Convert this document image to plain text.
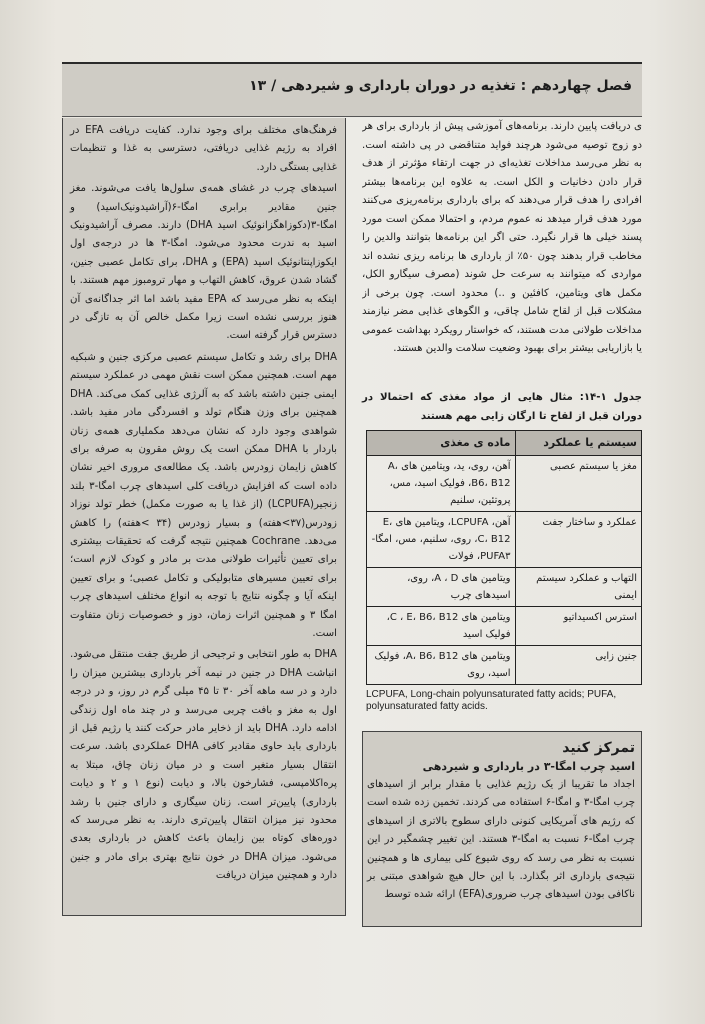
فصل چهاردهم : تغذیه در دوران بارداری و شیردهی / ۱۳

فرهنگ‌های مختلف برای وجود ندارد. کفایت دریافت EFA در افراد به رژیم غذایی دریافتی، دسترسی به غذا و تنظیمات غذایی بستگی دارد.

اسیدهای چرب در غشای همه‌ی سلول‌ها یافت می‌شوند. مغز جنین مقادیر برابری امگا-۶(آراشیدونیک‌اسید) و امگا-۳(دکوزاهگزانوئیک اسید DHA) دارند. مصرف آراشیدونیک اسید به ندرت محدود می‌شود. امگا-۳ ها در درجه‌ی اول ایکوزاپنتانوئیک اسید (EPA) و DHA، برای تکامل عصبی جنین، گشاد شدن عروق، کاهش التهاب و مهار ترومبوز مهم هستند. با اینکه به نظر می‌رسد که EPA مفید باشد اما اثر جداگانه‌ی آن هنوز بررسی نشده است زیرا مکمل خالص آن به تازگی در دسترس قرار گرفته است.

DHA برای رشد و تکامل سیستم عصبی مرکزی جنین و شبکیه مهم است. همچنین ممکن است نقش مهمی در عملکرد سیستم ایمنی جنین داشته باشد که به آلرژی غذایی کمک می‌کند. DHA همچنین برای وزن هنگام تولد و افسردگی مادر مفید باشد. شواهدی وجود دارد که نشان می‌دهد مکملیاری همه‌ی زنان باردار با DHA ممکن است یک روش مقرون به صرفه برای کاهش زایمان زودرس باشد. یک مطالعه‌ی مروری اخیر نشان داده است که افزایش دریافت کلی اسیدهای چرب امگا-۳ بلند زنجیر(LCPUFA) (از غذا یا به صورت مکمل) خطر تولد نوزاد زودرس(۳۷>هفته) و بسیار زودرس (۳۴ >هفته) را کاهش می‌دهد. Cochrane همچنین نتیجه گرفت که تحقیقات بیشتری برای تعیین تأثیرات طولانی مدت بر مادر و کودک لازم است؛ برای تعیین مسیرهای متابولیکی و تکامل عصبی؛ و برای تعیین اینکه آیا و چگونه نتایج با توجه به انواع مختلف اسیدهای چرب امگا ۳ و همچنین اثرات زمان، دوز و خصوصیات زنان متفاوت است.

DHA به طور انتخابی و ترجیحی از طریق جفت منتقل می‌شود. انباشت DHA در جنین در نیمه آخر بارداری بیشترین میزان را دارد و در سه ماهه آخر ۳۰ تا ۴۵ میلی گرم در روز، و در درجه اول به مغز و بافت چربی می‌رسد و در چند ماه اول زندگی ادامه دارد. DHA باید از ذخایر مادر حرکت کنند یا رژیم قبل از بارداری باید حاوی مقادیر کافی DHA عملکردی باشد. سرعت انتقال بسیار متغیر است و در میان زنان چاق، مبتلا به پره‌اکلامپسی، فشارخون بالا، و دیابت (نوع ۱ و ۲ و دیابت بارداری) پایین‌تر است. زنان سیگاری و دارای جنین با رشد محدود نیز میزان انتقال پایین‌تری دارند. به نظر می‌رسد که دوره‌های کوتاه بین زایمان باعث کاهش در بارداری بعدی می‌شود. میزان DHA در خون نتایج بهتری برای مادر و جنین دارد و همچنین میزان دریافت

ی دریافت پایین دارند. برنامه‌های آموزشی پیش از بارداری برای هر دو زوج توصیه می‌شود هرچند فواید متناقضی در پی داشته است. به نظر می‌رسد مداخلات تغذیه‌ای در جهت ارتقاء مؤثرتر از هدف قرار دادن دخانیات و الکل است. به علاوه این برنامه‌ها بیشتر افرادی را هدف قرار می‌دهند که برای بارداری برنامه‌ریزی می‌کنند مورد هدف قرار میدهد نه عموم مردم، و احتمالا ممکن است مورد پسند خیلی ها قرار نگیرد. حتی اگر این برنامه‌ها بتوانند والدین را مخاطب قرار بدهند چون ۵۰٪ از بارداری ها برنامه ریزی نشده اند مواردی که میتوانند به سرعت حل شوند (مصرف سیگارو الکل، مکمل های ویتامین، کافئین و ..) محدود است. چون برخی از مشکلات قبل از لقاح شامل چاقی، و الگوهای غذایی مضر نیازمند مداخلات طولانی مدت هستند، که خواستار رویکرد بهداشت عمومی یا بازاریابی بیشتر برای بهبود وضعیت سلامت والدین هستند.

جدول ۱-۱۴: مثال هایی از مواد مغذی که احتمالا در دوران قبل از لقاح تا ارگان زایی مهم هستند
سیستم یا عملکرد	ماده ی مغذی
مغز یا سیستم عصبی	آهن، روی، ید، ویتامین های A، B6، B12، فولیک اسید، مس، پروتئین، سلنیم
عملکرد و ساختار جفت	آهن، LCPUFA، ویتامین های E، C، B12، روی، سلنیم، مس، امگا- PUFA۳، فولات
التهاب و عملکرد سیستم ایمنی	ویتامین های A ، D، روی، اسیدهای چرب
استرس اکسیداتیو	ویتامین های C ، E، B6، B12، فولیک اسید
جنین زایی	ویتامین های A، B6، B12، فولیک اسید، روی
LCPUFA, Long-chain polyunsaturated fatty acids; PUFA, polyunsaturated fatty acids.
تمرکز کنید
اسید چرب امگا-۳ در بارداری و شیردهی

اجداد ما تقریبا از یک رژیم غذایی با مقدار برابر از اسیدهای چرب امگا-۳ و امگا-۶ استفاده می کردند. تخمین زده شده است که رژیم های آمریکایی کنونی دارای سطوح بالاتری از اسیدهای چرب امگا-۶ نسبت به امگا-۳ هستند. این تغییر چشمگیر در این نسبت به نظر می رسد که روی شیوع کلی بیماری ها و همچنین نتیجه‌ی بارداری اثر بگذارد. با این حال هیچ شواهدی مبتنی بر ناکافی بودن اسیدهای چرب ضروری(EFA) ارائه شده توسط
